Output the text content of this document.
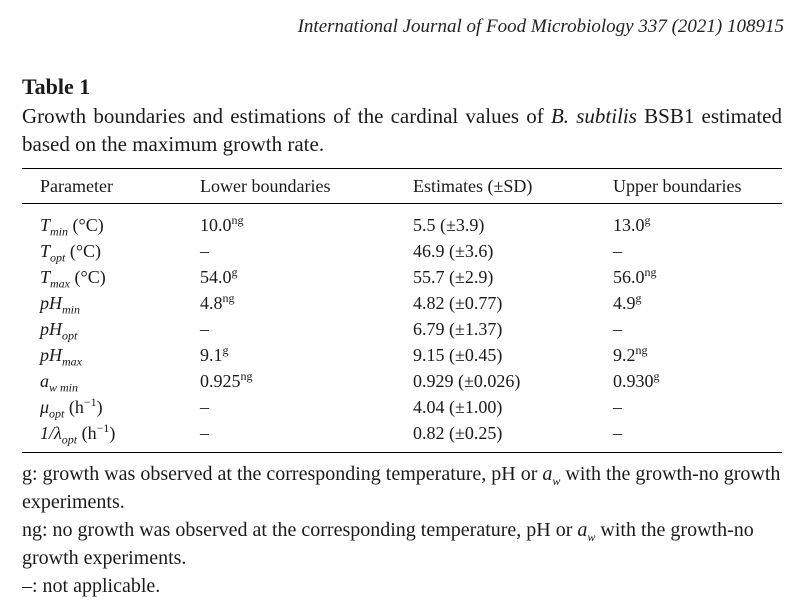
International Journal of Food Microbiology 337 (2021) 108915
Table 1
Growth boundaries and estimations of the cardinal values of B. subtilis BSB1 estimated based on the maximum growth rate.
Parameter	Lower boundaries	Estimates (±SD)	Upper boundaries
$T_{min}$ (°C)	$10.0^{ng}$	5.5 (±3.9)	13.0$^g$
$T_{opt}$ (°C)	–	46.9 (±3.6)	–
$T_{max}$ (°C)	54.0$^g$	55.7 (±2.9)	$56.0^{ng}$
$pH_{min}$	$4.8^{ng}$	4.82 (±0.77)	4.9$^g$
$pH_{opt}$	–	6.79 (±1.37)	–
$pH_{max}$	9.1$^g$	9.15 (±0.45)	$9.2^{ng}$
$a_{w min}$	$0.925^{ng}$	0.929 (±0.026)	0.930$^g$
$\mu_{opt}$ $(h^{-1})$	–	4.04 (±1.00)	–
$1/\lambda_{opt}$ $(h^{-1})$	–	0.82 (±0.25)	–

g: growth was observed at the corresponding temperature, pH or $a_w$ with the growth-no growth experiments.

ng: no growth was observed at the corresponding temperature, pH or $a_w$ with the growth-no growth experiments.

–: not applicable.
